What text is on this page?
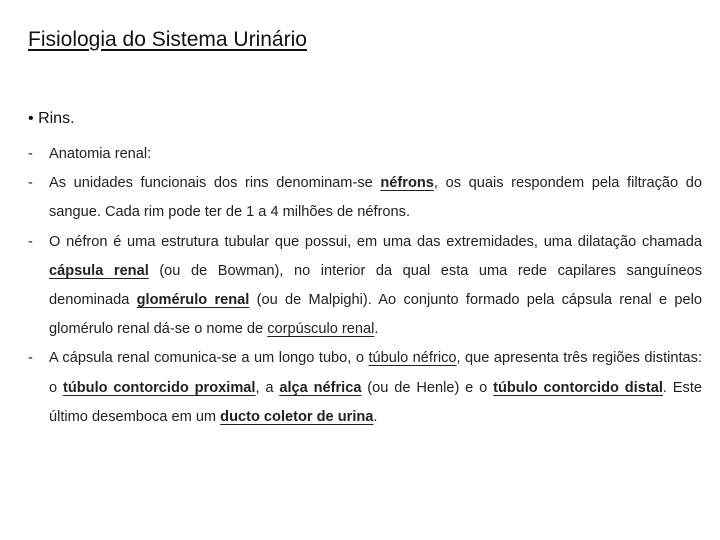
Fisiologia do Sistema Urinário
• Rins.
- Anatomia renal:
- As unidades funcionais dos rins denominam-se néfrons, os quais respondem pela filtração do sangue. Cada rim pode ter de 1 a 4 milhões de néfrons.
- O néfron é uma estrutura tubular que possui, em uma das extremidades, uma dilatação chamada cápsula renal (ou de Bowman), no interior da qual esta uma rede capilares sanguíneos denominada glomérulo renal (ou de Malpighi). Ao conjunto formado pela cápsula renal e pelo glomérulo renal dá-se o nome de corpúsculo renal.
- A cápsula renal comunica-se a um longo tubo, o túbulo néfrico, que apresenta três regiões distintas: o túbulo contorcido proximal, a alça néfrica (ou de Henle) e o túbulo contorcido distal. Este último desemboca em um ducto coletor de urina.
